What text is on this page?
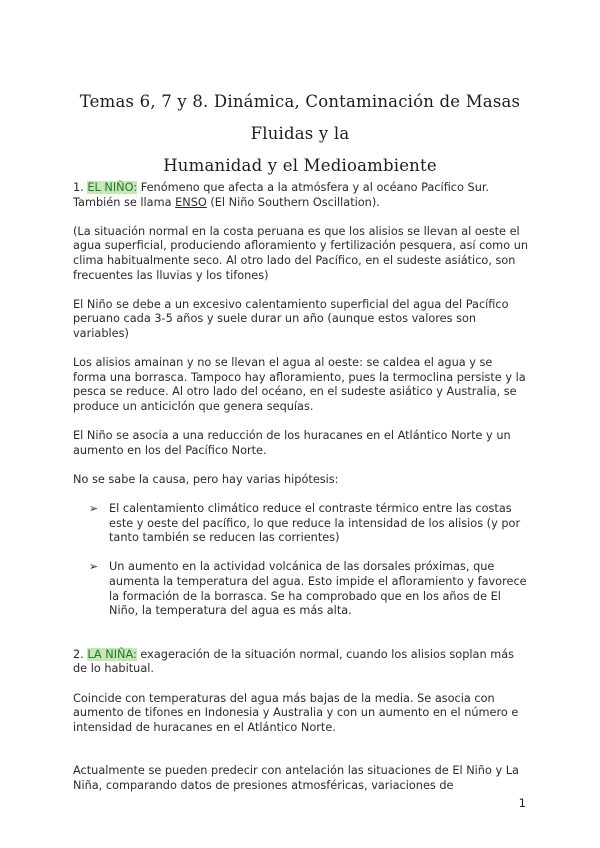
Temas 6, 7 y 8. Dinámica, Contaminación de Masas Fluidas y la
Humanidad y el Medioambiente

1. EL NIÑO: Fenómeno que afecta a la atmósfera y al océano Pacífico Sur. También se llama ENSO (El Niño Southern Oscillation).

(La situación normal en la costa peruana es que los alisios se llevan al oeste el agua superficial, produciendo afloramiento y fertilización pesquera, así como un clima habitualmente seco. Al otro lado del Pacífico, en el sudeste asiático, son frecuentes las lluvias y los tifones)

El Niño se debe a un excesivo calentamiento superficial del agua del Pacífico peruano cada 3-5 años y suele durar un año (aunque estos valores son variables)

Los alisios amainan y no se llevan el agua al oeste: se caldea el agua y se forma una borrasca. Tampoco hay afloramiento, pues la termoclina persiste y la pesca se reduce. Al otro lado del océano, en el sudeste asiático y Australia, se produce un anticiclón que genera sequías.

El Niño se asocia a una reducción de los huracanes en el Atlántico Norte y un aumento en los del Pacífico Norte.

No se sabe la causa, pero hay varias hipótesis:

➢ El calentamiento climático reduce el contraste térmico entre las costas este y oeste del pacífico, lo que reduce la intensidad de los alisios (y por tanto también se reducen las corrientes)
➢ Un aumento en la actividad volcánica de las dorsales próximas, que aumenta la temperatura del agua. Esto impide el afloramiento y favorece la formación de la borrasca. Se ha comprobado que en los años de El Niño, la temperatura del agua es más alta.

2. LA NIÑA: exageración de la situación normal, cuando los alisios soplan más de lo habitual.

Coincide con temperaturas del agua más bajas de la media. Se asocia con aumento de tifones en Indonesia y Australia y con un aumento en el número e intensidad de huracanes en el Atlántico Norte.

Actualmente se pueden predecir con antelación las situaciones de El Niño y La Niña, comparando datos de presiones atmosféricas, variaciones de

1
